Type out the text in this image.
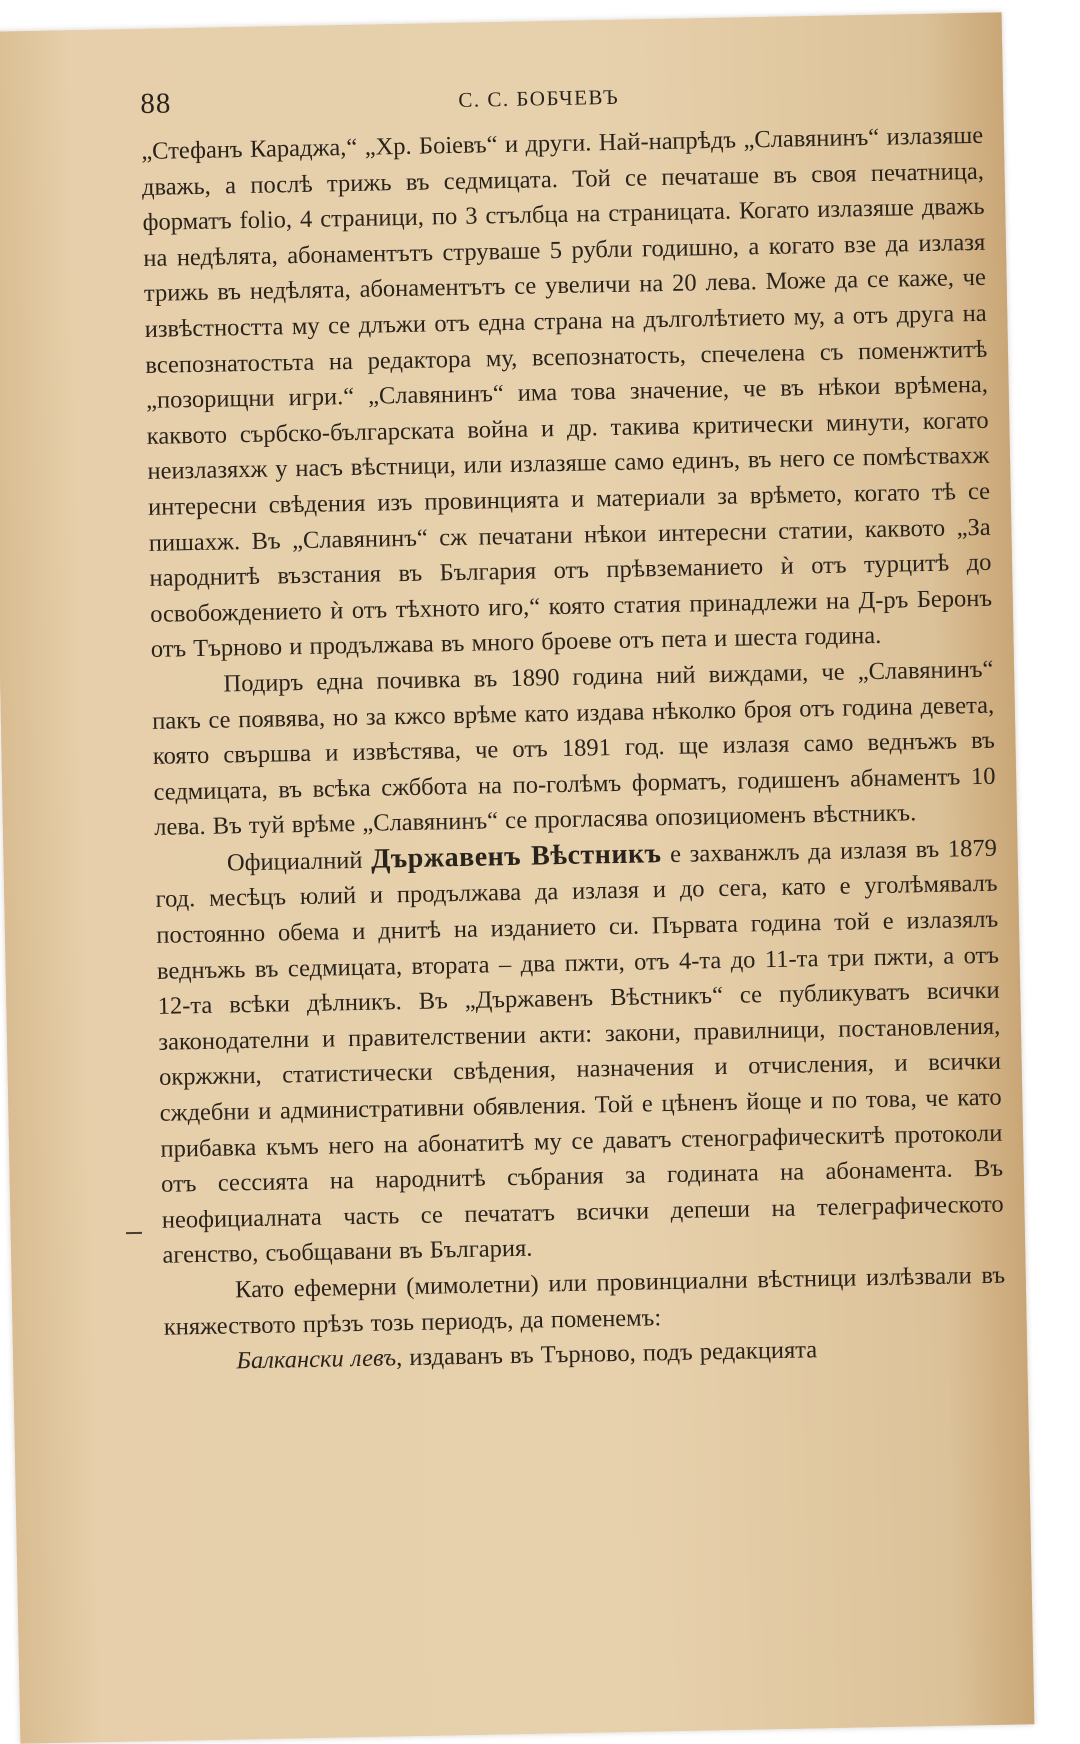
88	С. С. БОБЧЕВЪ

„Стефанъ Караджа,“ „Хр. Боiевъ“ и други. Най-напрѣдъ „Славянинъ“ излазяше дважь, а послѣ трижь въ седмицата. Той се печаташе въ своя печатница, форматъ folio, 4 страници, по 3 стълбца на страницата. Когато излазяше дважь на недѣлята, абонаментътъ струваше 5 рубли годишно, а когато взе да излазя трижь въ недѣлята, абонаментътъ се увеличи на 20 лева. Може да се каже, че извѣстността му се длъжи отъ една страна на дълголѣтието му, а отъ друга на всепознатостьта на редактора му, всепознатость, спечелена съ поменжтитѣ „позорищни игри.“ „Славянинъ“ има това значение, че въ нѣкои врѣмена, каквото сърбско-българската война и др. такива критически минути, когато неизлазяхж у насъ вѣстници, или излазяше само единъ, въ него се помѣствахж интересни свѣдения изъ провинцията и материали за врѣмето, когато тѣ се пишахж. Въ „Славянинъ“ сж печатани нѣкои интересни статии, каквото „За народнитѣ възстания въ България отъ прѣвземанието ѝ отъ турцитѣ до освобождението ѝ отъ тѣхното иго,“ която статия принадлежи на Д-ръ Беронъ отъ Търново и продължава въ много броеве отъ пета и шеста година.

Подиръ една почивка въ 1890 година ний виждами, че „Славянинъ“ пакъ се появява, но за кжсо врѣме като издава нѣколко броя отъ година девета, която свършва и извѣстява, че отъ 1891 год. ще излазя само веднъжъ въ седмицата, въ всѣка сжббота на по-голѣмъ форматъ, годишенъ абнаментъ 10 лева. Въ туй врѣме „Славянинъ“ се прогласява опозициоменъ вѣстникъ.

Официалний Държавенъ Вѣстникъ е захванжлъ да излазя въ 1879 год. месѣцъ юлий и продължава да излазя и до сега, като е уголѣмявалъ постоянно обема и днитѣ на изданието си. Първата година той е излазялъ веднъжь въ седмицата, втората – два пжти, отъ 4-та до 11-та три пжти, а отъ 12-та всѣки дѣлникъ. Въ „Държавенъ Вѣстникъ“ се публикуватъ всички законодателни и правителствении акти: закони, правилници, постановления, окржжни, статистически свѣдения, назначения и отчисления, и всички сждебни и административни обявления. Той е цѣненъ йоще и по това, че като прибавка къмъ него на абонатитѣ му се даватъ стенографическитѣ протоколи отъ сессията на народнитѣ събрания за годината на абонамента. Въ неофициалната часть се печататъ всички депеши на телеграфическото агенство, съобщавани въ България.

Като ефемерни (мимолетни) или провинциални вѣстници излѣзвали въ княжеството прѣзъ тозь периодъ, да поменемъ:

Балкански левъ, издаванъ въ Търново, подъ редакцията
